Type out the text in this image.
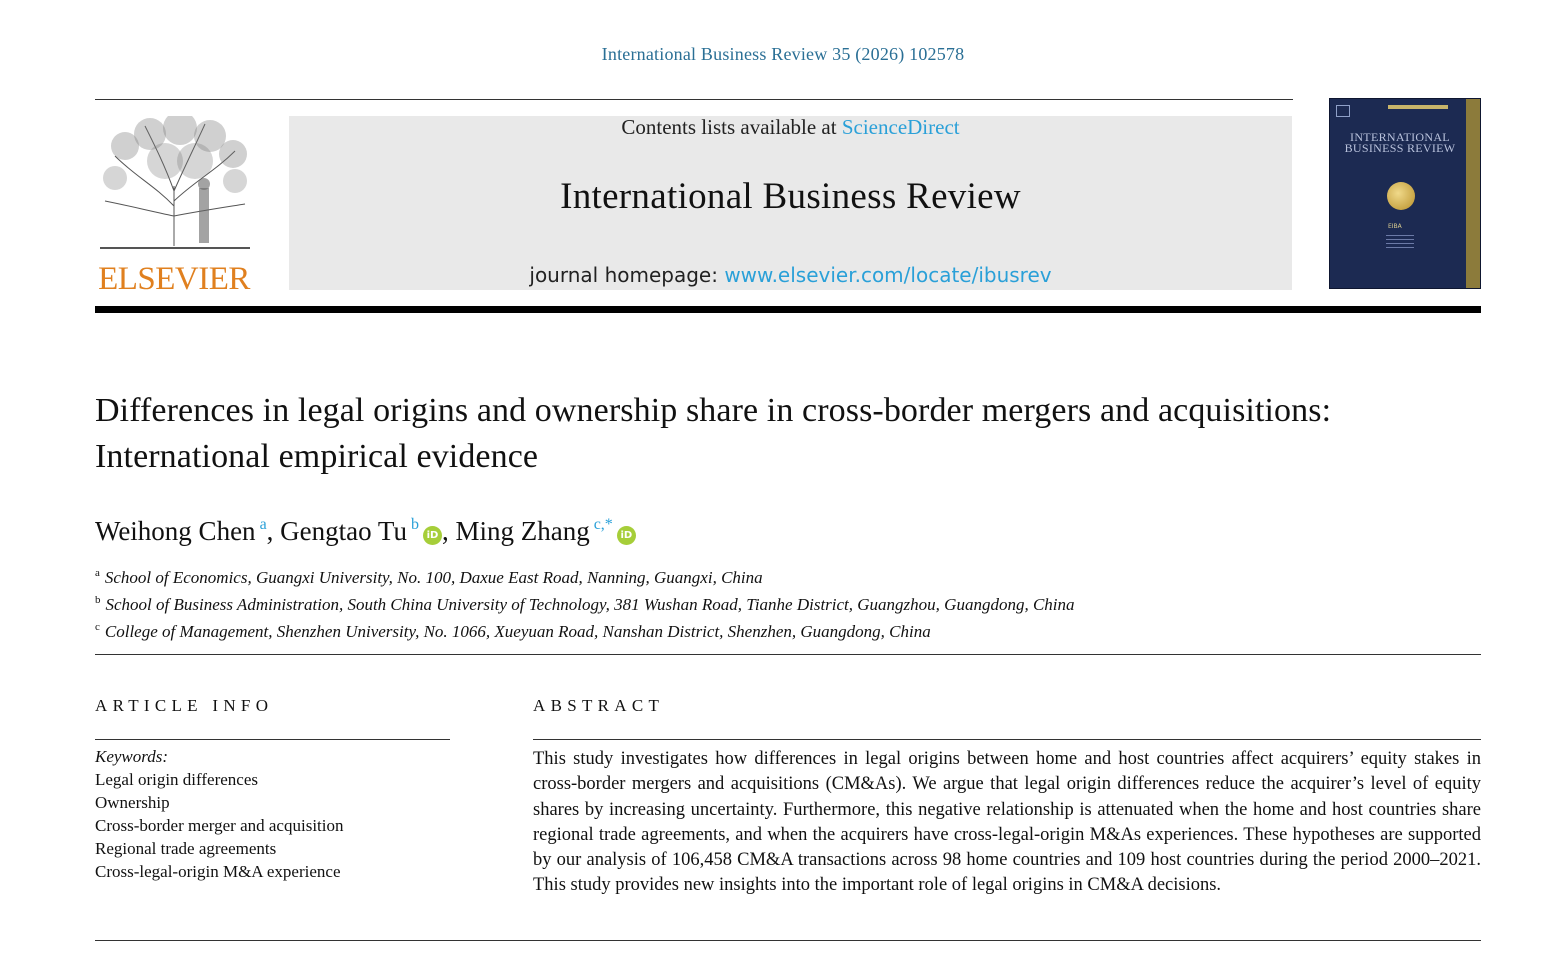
International Business Review 35 (2026) 102578
ELSEVIER
Contents lists available at ScienceDirect
International Business Review
journal homepage: www.elsevier.com/locate/ibusrev
INTERNATIONAL BUSINESS REVIEW
EIBA
Differences in legal origins and ownership share in cross-border mergers and acquisitions: International empirical evidence
Weihong Chen $^a$, Gengtao Tu $^b$iD , Ming Zhang $^{c,*}$iD
$^a$ School of Economics, Guangxi University, No. 100, Daxue East Road, Nanning, Guangxi, China
$^b$ School of Business Administration, South China University of Technology, 381 Wushan Road, Tianhe District, Guangzhou, Guangdong, China
$^c$ College of Management, Shenzhen University, No. 1066, Xueyuan Road, Nanshan District, Shenzhen, Guangdong, China
ARTICLE INFO
Keywords:
Legal origin differences
Ownership
Cross-border merger and acquisition
Regional trade agreements
Cross-legal-origin M&A experience
ABSTRACT
This study investigates how differences in legal origins between home and host countries affect acquirers’ equity stakes in cross-border mergers and acquisitions (CM&As). We argue that legal origin differences reduce the acquirer’s level of equity shares by increasing uncertainty. Furthermore, this negative relationship is attenuated when the home and host countries share regional trade agreements, and when the acquirers have cross-legal-origin M&As experiences. These hypotheses are supported by our analysis of 106,458 CM&A transactions across 98 home countries and 109 host countries during the period 2000–2021. This study provides new insights into the important role of legal origins in CM&A decisions.
